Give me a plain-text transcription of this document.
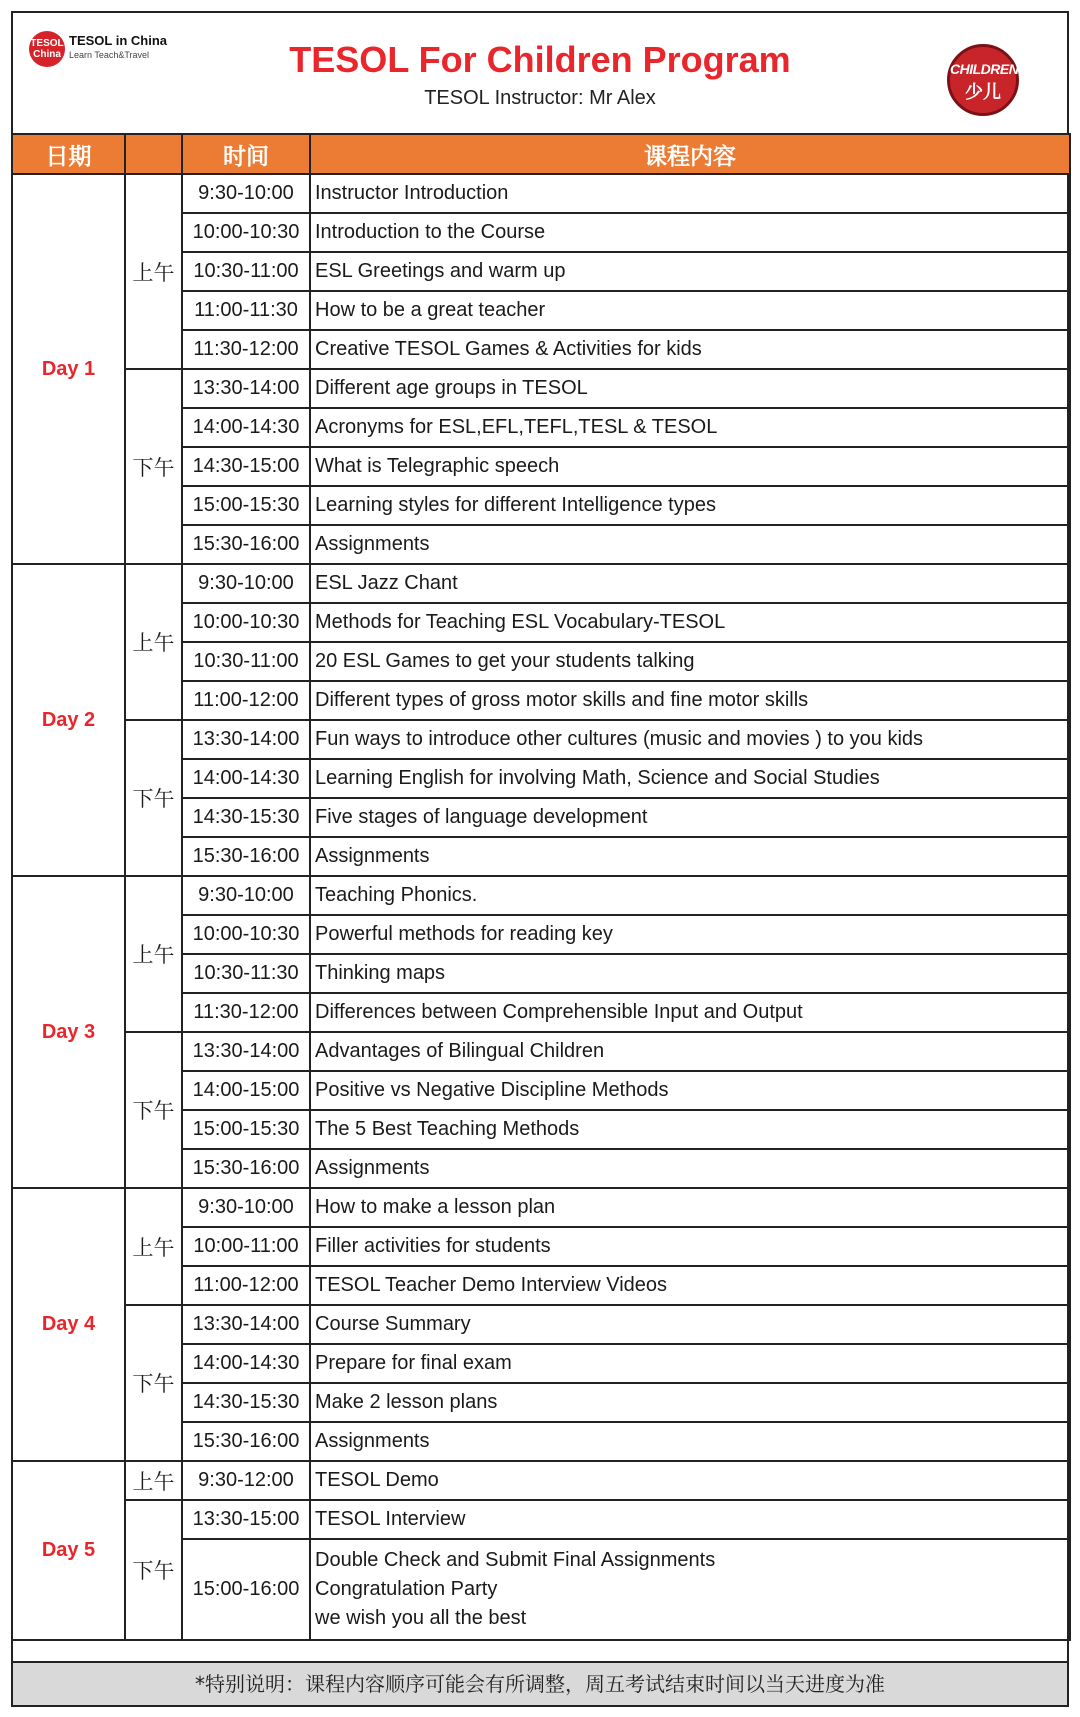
TESOL China
TESOL in China
Learn Teach&Travel	TESOL For Children Program
TESOL Instructor: Mr Alex
CHILDREN
少儿
日期		时间	课程内容
Day 1	上午	9:30-10:00	Instructor Introduction
		10:00-10:30	Introduction to the Course
		10:30-11:00	ESL Greetings and warm up
		11:00-11:30	How to be a great teacher
		11:30-12:00	Creative TESOL Games & Activities for kids
	下午	13:30-14:00	Different age groups in TESOL
		14:00-14:30	Acronyms for ESL,EFL,TEFL,TESL & TESOL
		14:30-15:00	What is Telegraphic speech
		15:00-15:30	Learning styles for different Intelligence types
		15:30-16:00	Assignments
Day 2	上午	9:30-10:00	ESL Jazz Chant
		10:00-10:30	Methods for Teaching ESL Vocabulary-TESOL
		10:30-11:00	20 ESL Games to get your students talking
		11:00-12:00	Different types of gross motor skills and fine motor skills
	下午	13:30-14:00	Fun ways to introduce other cultures (music and movies ) to you kids
		14:00-14:30	Learning English for involving Math, Science and Social Studies
		14:30-15:30	Five stages of language development
		15:30-16:00	Assignments
Day 3	上午	9:30-10:00	Teaching Phonics.
		10:00-10:30	Powerful methods for reading key
		10:30-11:30	Thinking maps
		11:30-12:00	Differences between Comprehensible Input and Output
	下午	13:30-14:00	Advantages of Bilingual Children
		14:00-15:00	Positive vs Negative Discipline Methods
		15:00-15:30	The 5 Best Teaching Methods
		15:30-16:00	Assignments
Day 4	上午	9:30-10:00	How to make a lesson plan
		10:00-11:00	Filler activities for students
		11:00-12:00	TESOL Teacher Demo Interview Videos
	下午	13:30-14:00	Course Summary
		14:00-14:30	Prepare for final exam
		14:30-15:30	Make 2 lesson plans
		15:30-16:00	Assignments
Day 5	上午	9:30-12:00	TESOL Demo
	下午	13:30-15:00	TESOL Interview
		15:00-16:00	Double Check and Submit Final Assignments
Congratulation Party
we wish you all the best
*特别说明：课程内容顺序可能会有所调整，周五考试结束时间以当天进度为准
